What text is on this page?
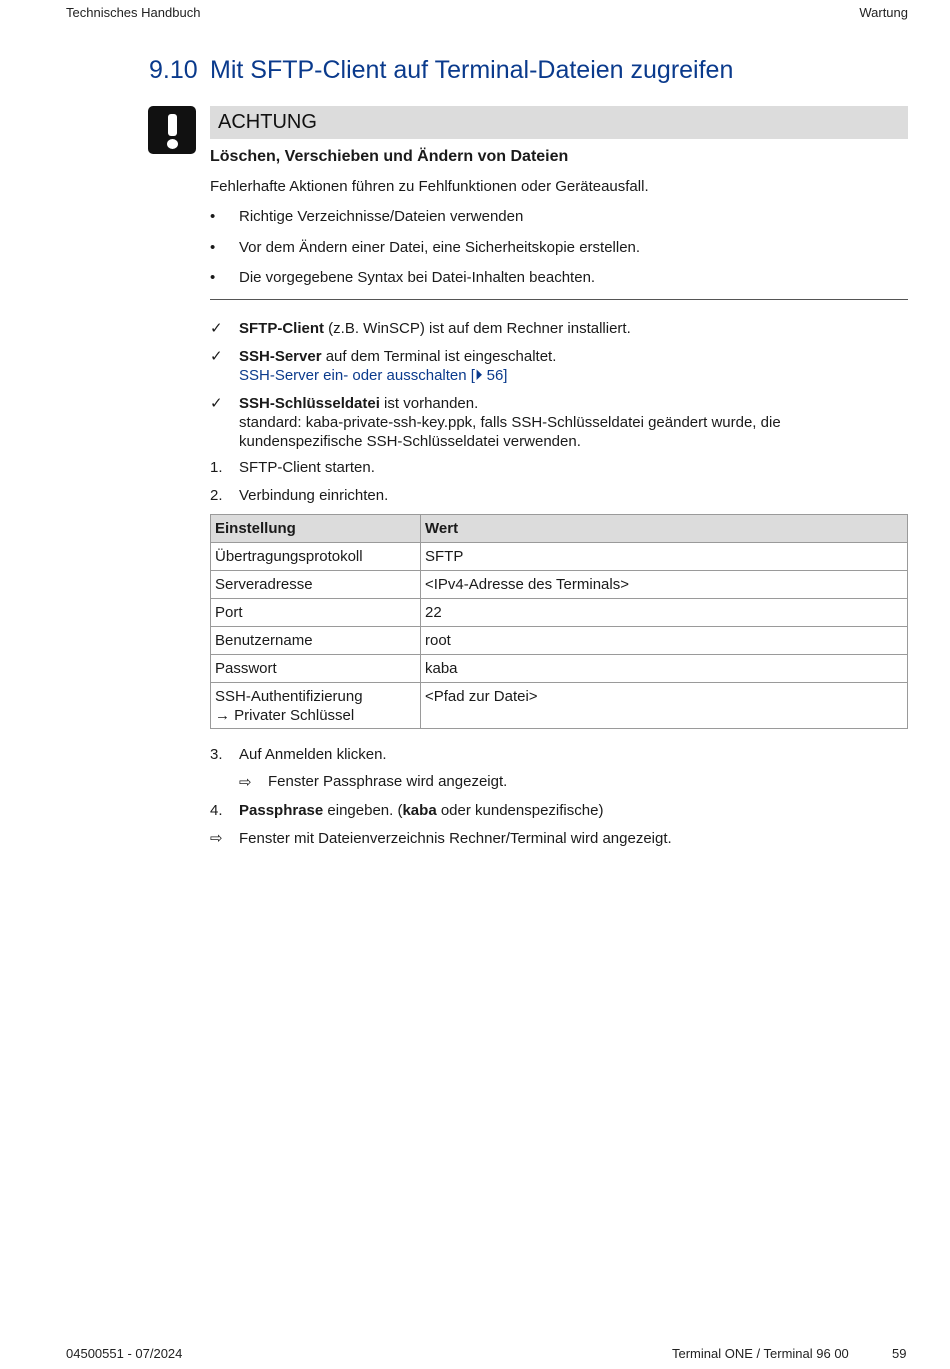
Technisches Handbuch	Wartung
9.10 Mit SFTP-Client auf Terminal-Dateien zugreifen
ACHTUNG
Löschen, Verschieben und Ändern von Dateien
Fehlerhafte Aktionen führen zu Fehlfunktionen oder Geräteausfall.
•	Richtige Verzeichnisse/Dateien verwenden
•	Vor dem Ändern einer Datei, eine Sicherheitskopie erstellen.
•	Die vorgegebene Syntax bei Datei-Inhalten beachten.
✓	SFTP-Client (z.B. WinSCP) ist auf dem Rechner installiert.
✓	SSH-Server auf dem Terminal ist eingeschaltet.
SSH-Server ein- oder ausschalten [⏵ 56]
✓	SSH-Schlüsseldatei ist vorhanden.
standard: kaba-private-ssh-key.ppk, falls SSH-Schlüsseldatei geändert wurde, die
kundenspezifische SSH-Schlüsseldatei verwenden.
1.	SFTP-Client starten.
2.	Verbindung einrichten.
Einstellung	Wert
Übertragungsprotokoll	SFTP
Serveradresse	<IPv4-Adresse des Terminals>
Port	22
Benutzername	root
Passwort	kaba

SSH-Authentifizierung
→ Privater Schlüssel	<Pfad zur Datei>
3.	Auf Anmelden klicken.
⇨ Fenster Passphrase wird angezeigt.
4.	Passphrase eingeben. (kaba oder kundenspezifische)
⇨	Fenster mit Dateienverzeichnis Rechner/Terminal wird angezeigt.
04500551 - 07/2024	Terminal ONE / Terminal 96 00	59
